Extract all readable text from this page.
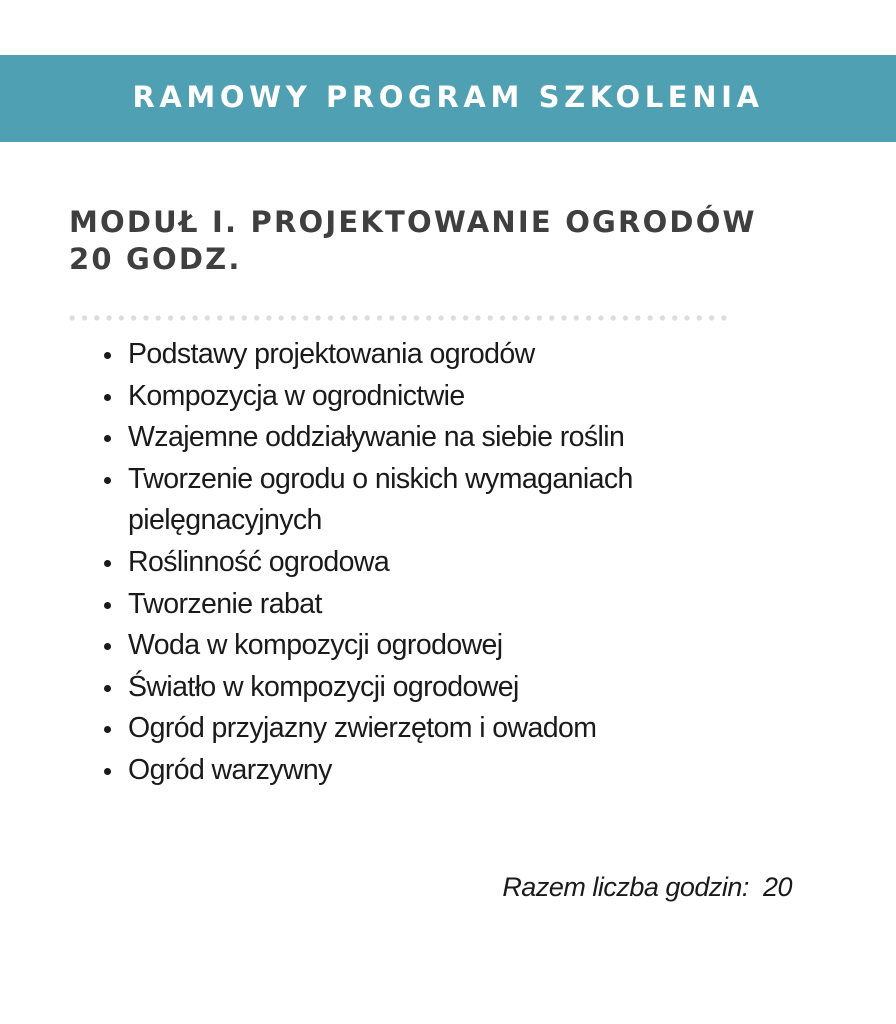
RAMOWY PROGRAM SZKOLENIA
MODUŁ I. PROJEKTOWANIE OGRODÓW
20 GODZ.
Podstawy projektowania ogrodów
Kompozycja w ogrodnictwie
Wzajemne oddziaływanie na siebie roślin
Tworzenie ogrodu o niskich wymaganiach pielęgnacyjnych
Roślinność ogrodowa
Tworzenie rabat
Woda w kompozycji ogrodowej
Światło w kompozycji ogrodowej
Ogród przyjazny zwierzętom i owadom
Ogród warzywny
Razem liczba godzin: 20
